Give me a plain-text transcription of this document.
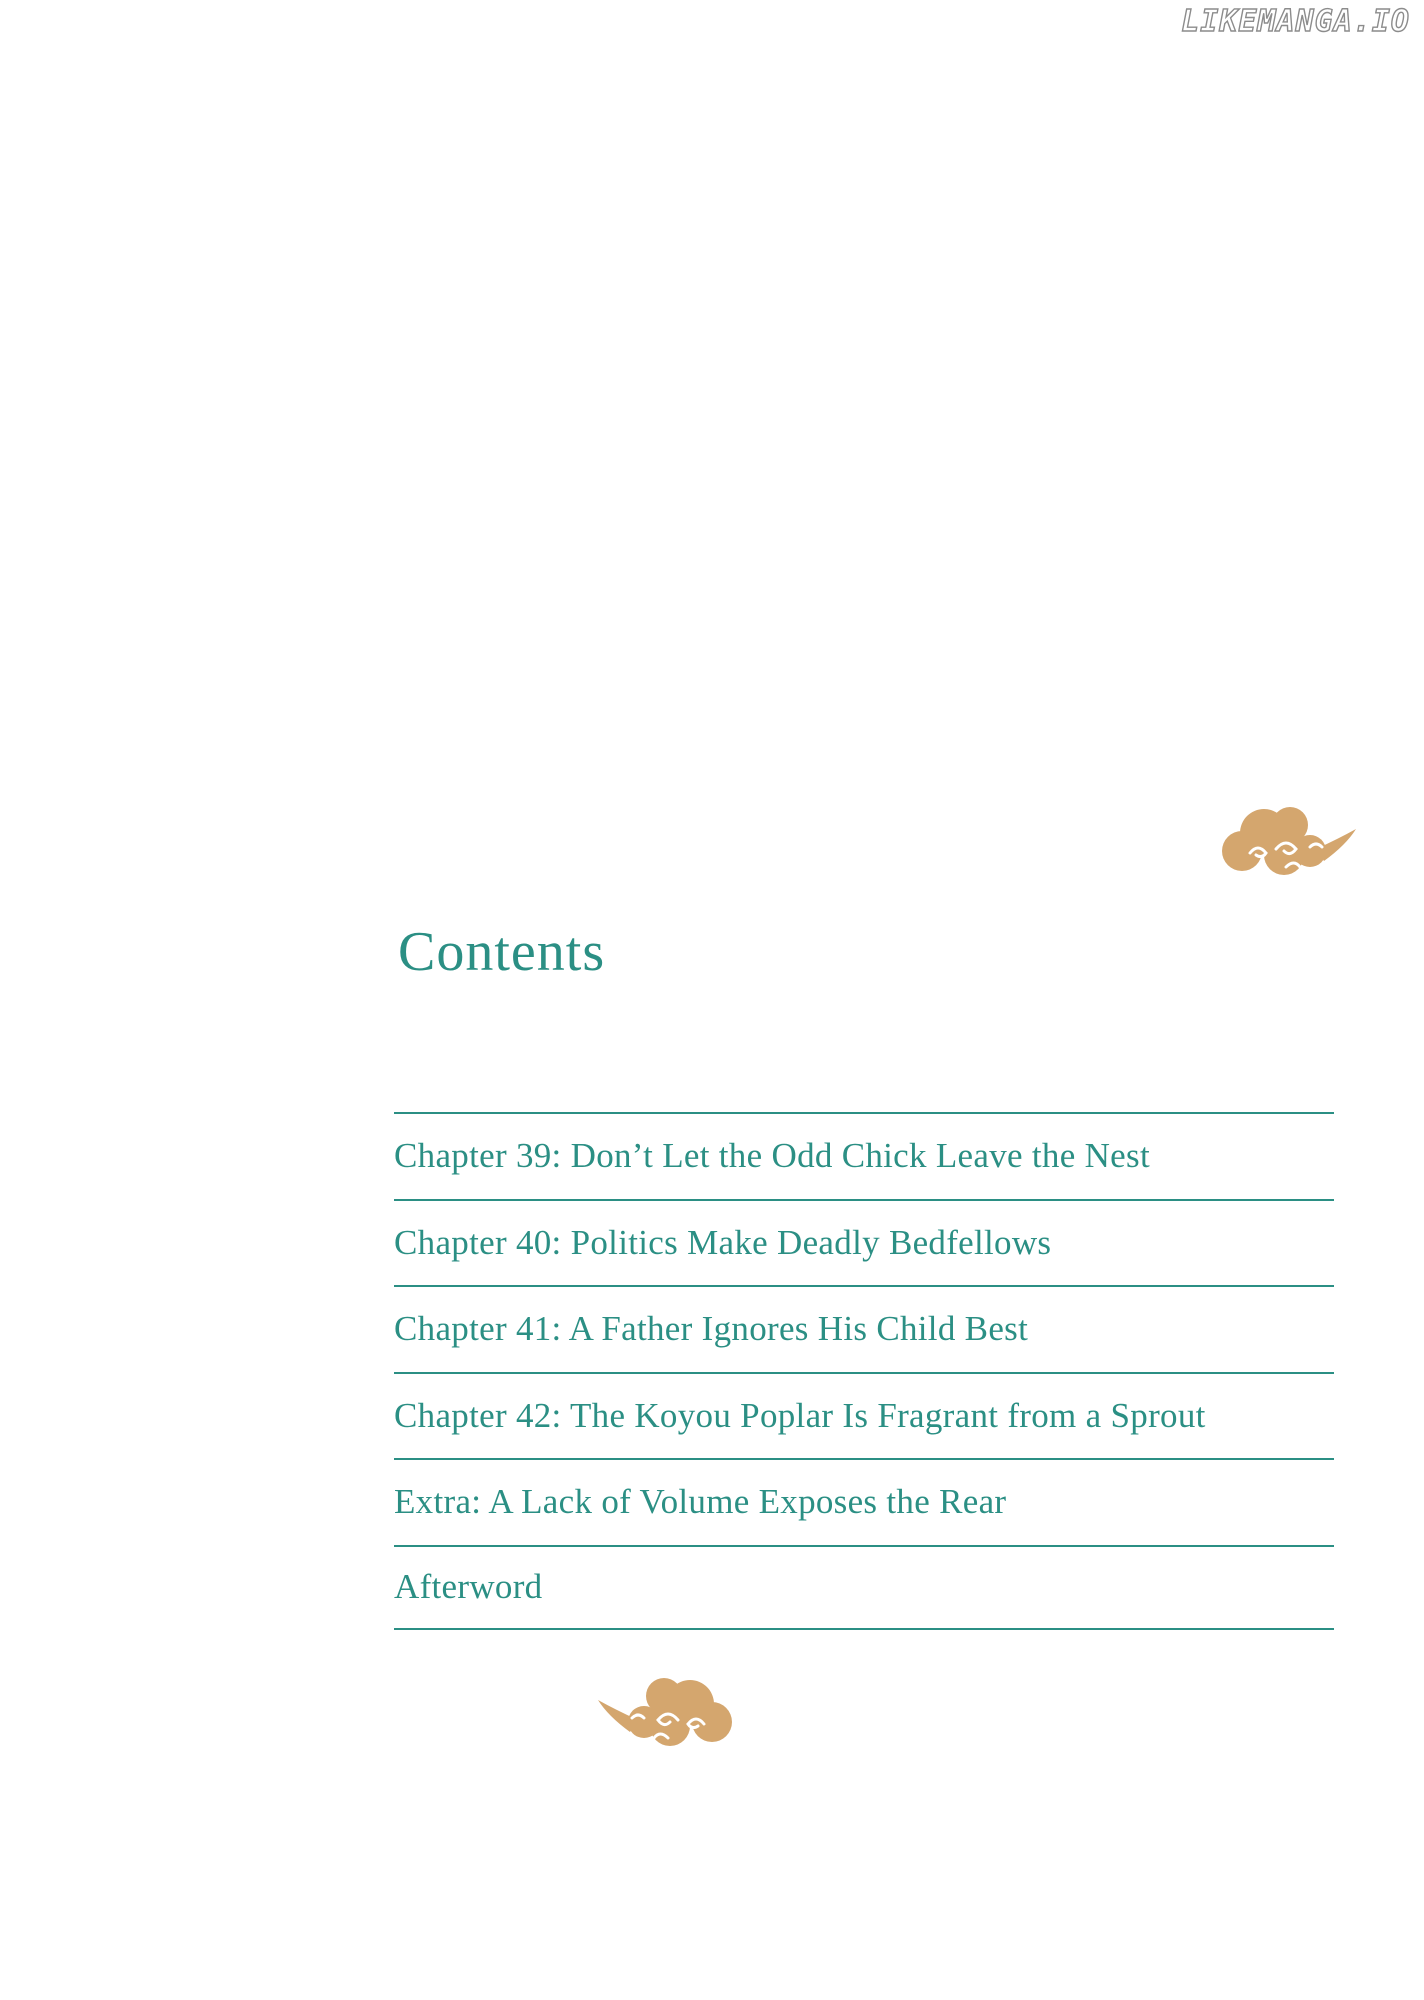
LIKEMANGA.IO
Contents
Chapter 39: Don’t Let the Odd Chick Leave the Nest
Chapter 40: Politics Make Deadly Bedfellows
Chapter 41: A Father Ignores His Child Best
Chapter 42: The Koyou Poplar Is Fragrant from a Sprout
Extra: A Lack of Volume Exposes the Rear
Afterword
